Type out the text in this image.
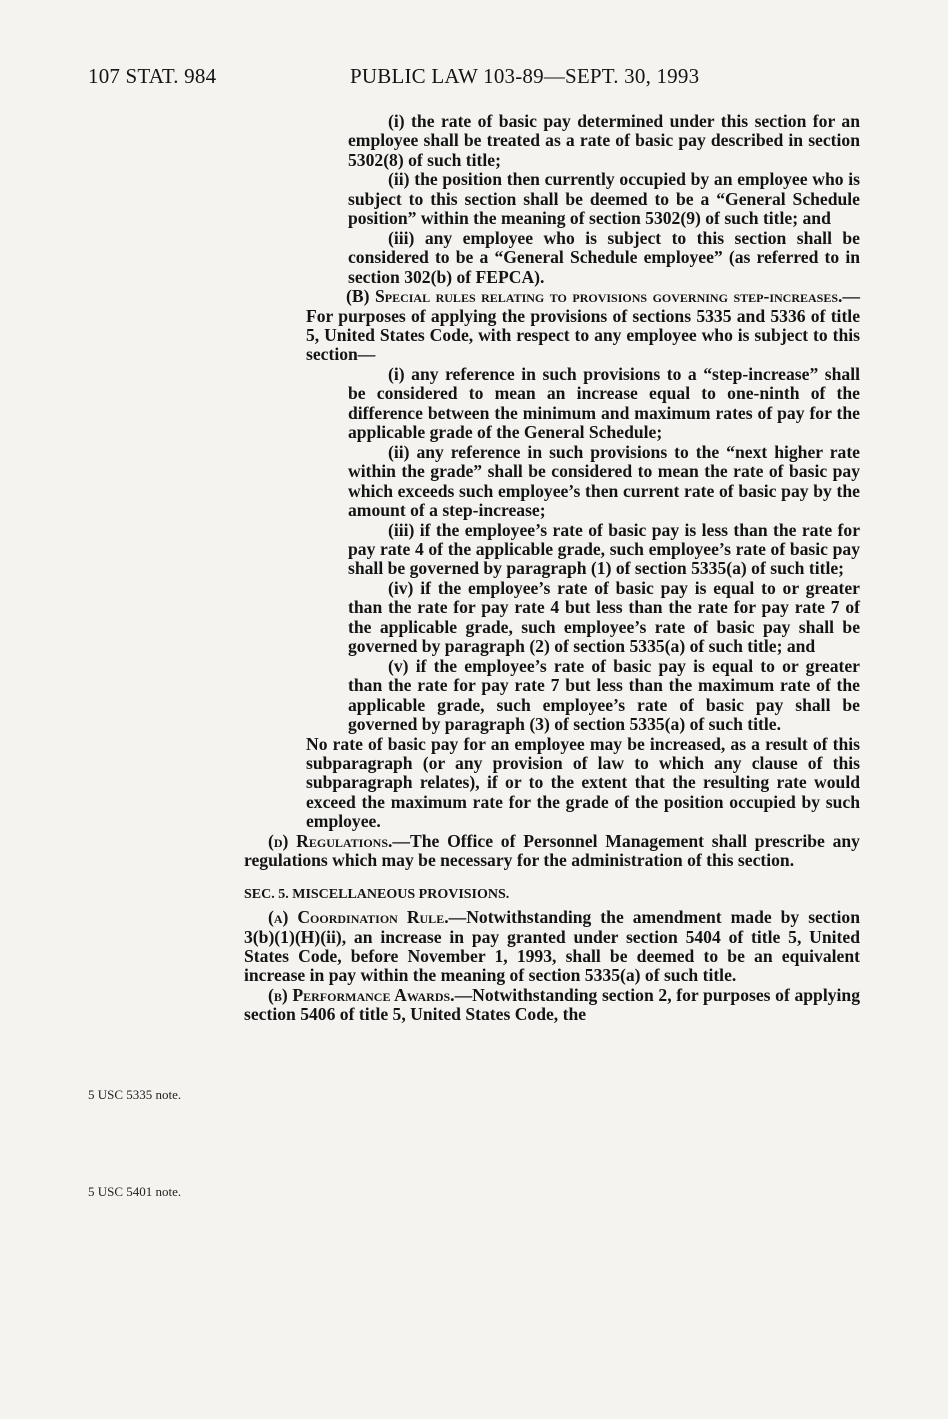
107 STAT. 984	PUBLIC LAW 103-89—SEPT. 30, 1993

(i) the rate of basic pay determined under this section for an employee shall be treated as a rate of basic pay described in section 5302(8) of such title;

(ii) the position then currently occupied by an employee who is subject to this section shall be deemed to be a “General Schedule position” within the meaning of section 5302(9) of such title; and

(iii) any employee who is subject to this section shall be considered to be a “General Schedule employee” (as referred to in section 302(b) of FEPCA).

(B) Special rules relating to provisions governing step-increases.—For purposes of applying the provisions of sections 5335 and 5336 of title 5, United States Code, with respect to any employee who is subject to this section—

(i) any reference in such provisions to a “step-increase” shall be considered to mean an increase equal to one-ninth of the difference between the minimum and maximum rates of pay for the applicable grade of the General Schedule;

(ii) any reference in such provisions to the “next higher rate within the grade” shall be considered to mean the rate of basic pay which exceeds such employee’s then current rate of basic pay by the amount of a step-increase;

(iii) if the employee’s rate of basic pay is less than the rate for pay rate 4 of the applicable grade, such employee’s rate of basic pay shall be governed by paragraph (1) of section 5335(a) of such title;

(iv) if the employee’s rate of basic pay is equal to or greater than the rate for pay rate 4 but less than the rate for pay rate 7 of the applicable grade, such employee’s rate of basic pay shall be governed by paragraph (2) of section 5335(a) of such title; and

(v) if the employee’s rate of basic pay is equal to or greater than the rate for pay rate 7 but less than the maximum rate of the applicable grade, such employee’s rate of basic pay shall be governed by paragraph (3) of section 5335(a) of such title.

No rate of basic pay for an employee may be increased, as a result of this subparagraph (or any provision of law to which any clause of this subparagraph relates), if or to the extent that the resulting rate would exceed the maximum rate for the grade of the position occupied by such employee.

(d) Regulations.—The Office of Personnel Management shall prescribe any regulations which may be necessary for the administration of this section.

SEC. 5. MISCELLANEOUS PROVISIONS.

(a) Coordination Rule.—Notwithstanding the amendment made by section 3(b)(1)(H)(ii), an increase in pay granted under section 5404 of title 5, United States Code, before November 1, 1993, shall be deemed to be an equivalent increase in pay within the meaning of section 5335(a) of such title.

(b) Performance Awards.—Notwithstanding section 2, for purposes of applying section 5406 of title 5, United States Code, the

5 USC 5335 note.
5 USC 5401 note.
